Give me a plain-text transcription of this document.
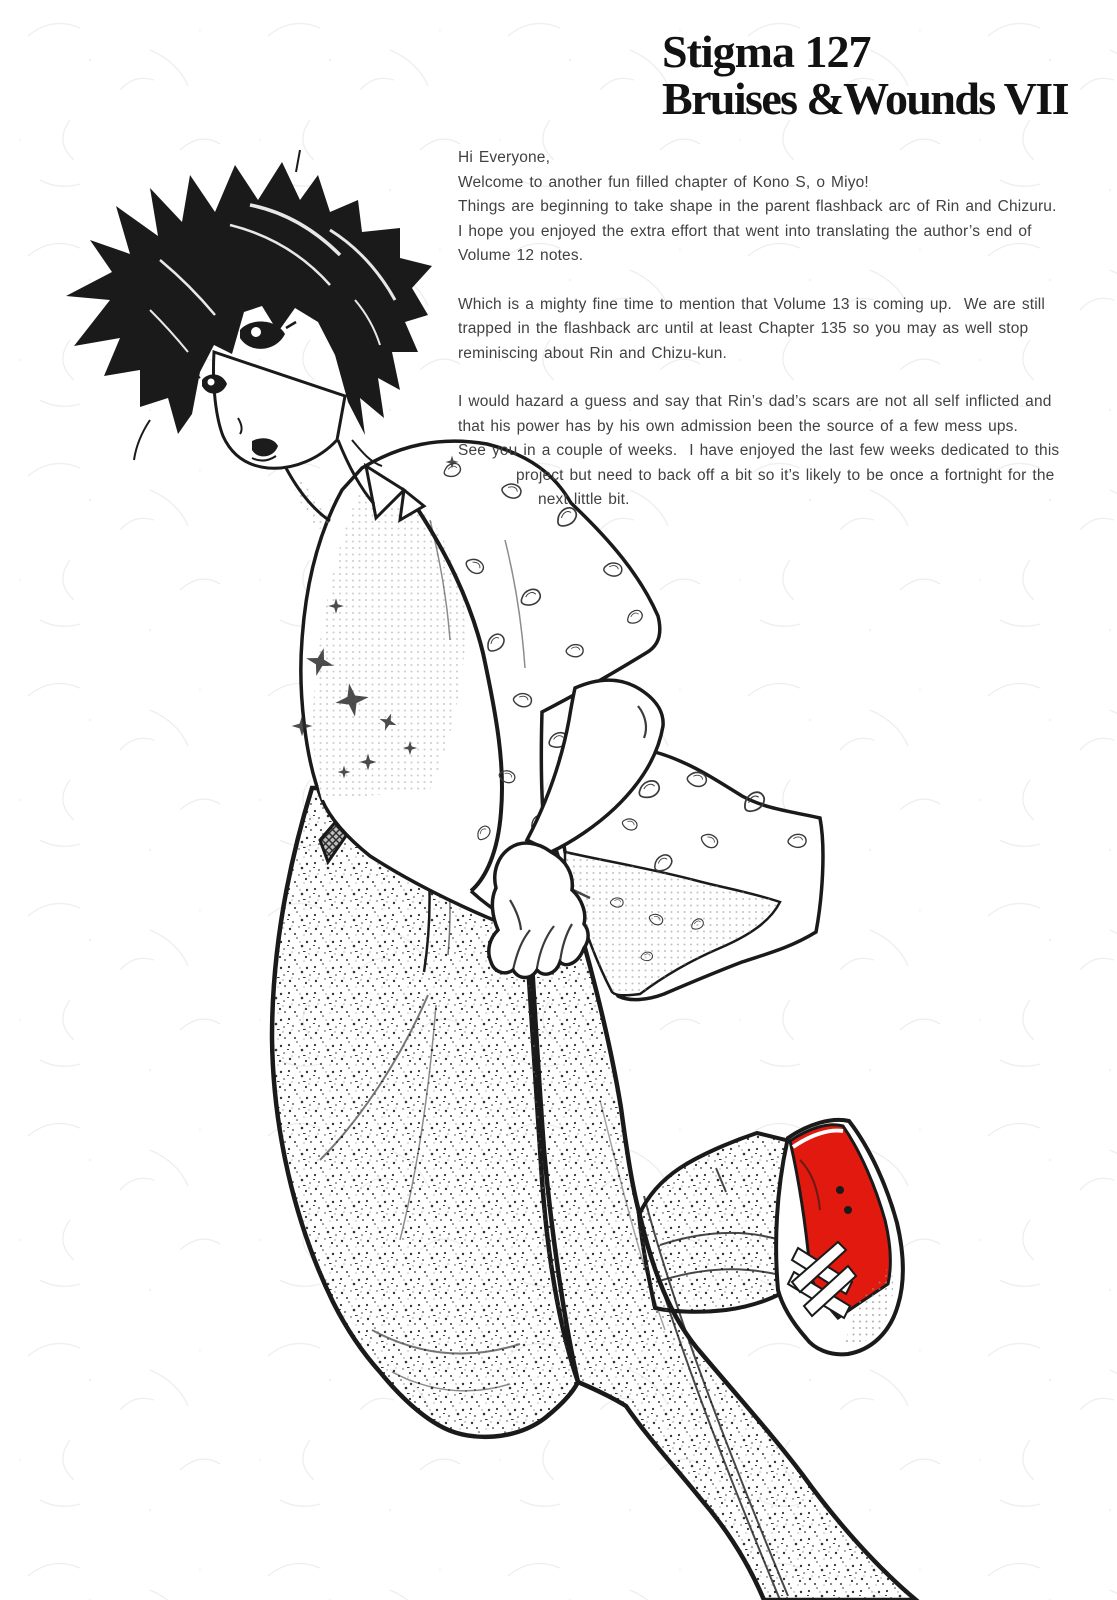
Stigma 127
Bruises &Wounds VII
Hi Everyone,
Welcome to another fun filled chapter of Kono S, o Miyo!
Things are beginning to take shape in the parent flashback arc of Rin and Chizuru.
I hope you enjoyed the extra effort that went into translating the author’s end of
Volume 12 notes.
Which is a mighty fine time to mention that Volume 13 is coming up.  We are still
trapped in the flashback arc until at least Chapter 135 so you may as well stop
reminiscing about Rin and Chizu-kun.
I would hazard a guess and say that Rin’s dad’s scars are not all self inflicted and
that his power has by his own admission been the source of a few mess ups.
See you in a couple of weeks.  I have enjoyed the last few weeks dedicated to this
project but need to back off a bit so it’s likely to be once a fortnight for the
next little bit.
